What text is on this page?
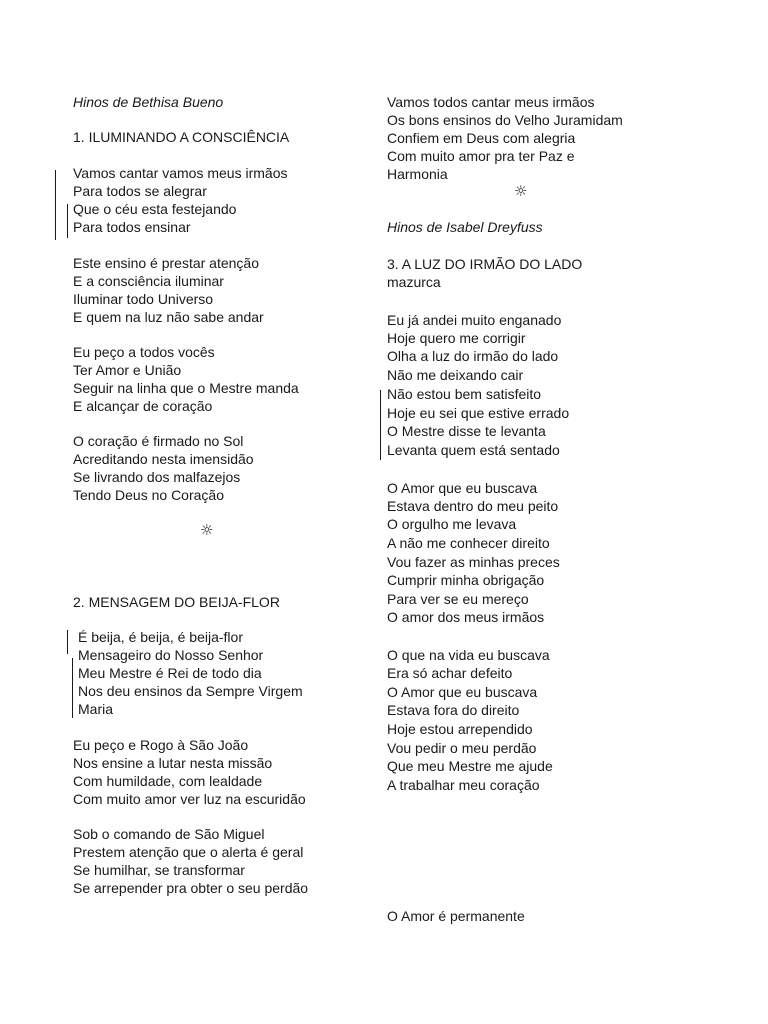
Hinos de Bethisa Bueno
1. ILUMINANDO A CONSCIÊNCIA
Vamos cantar vamos meus irmãos
Para todos se alegrar
Que o céu esta festejando
Para todos ensinar
Este ensino é prestar atenção
E a consciência iluminar
Iluminar todo Universo
E quem na luz não sabe andar
Eu peço a todos vocês
Ter Amor e União
Seguir na linha que o Mestre manda
E alcançar de coração
O coração é firmado no Sol
Acreditando nesta imensidão
Se livrando dos malfazejos
Tendo Deus no Coração
☼
2. MENSAGEM DO BEIJA-FLOR
É beija, é beija, é beija-flor
Mensageiro do Nosso Senhor
Meu Mestre é Rei de todo dia
Nos deu ensinos da Sempre Virgem
Maria
Eu peço e Rogo à São João
Nos ensine a lutar nesta missão
Com humildade, com lealdade
Com muito amor ver luz na escuridão
Sob o comando de São Miguel
Prestem atenção que o alerta é geral
Se humilhar, se transformar
Se arrepender pra obter o seu perdão
Vamos todos cantar meus irmãos
Os bons ensinos do Velho Juramidam
Confiem em Deus com alegria
Com muito amor pra ter Paz e
Harmonia
☼
Hinos de Isabel Dreyfuss
3. A LUZ DO IRMÃO DO LADO
mazurca
Eu já andei muito enganado
Hoje quero me corrigir
Olha a luz do irmão do lado
Não me deixando cair
Não estou bem satisfeito
Hoje eu sei que estive errado
O Mestre disse te levanta
Levanta quem está sentado
O Amor que eu buscava
Estava dentro do meu peito
O orgulho me levava
A não me conhecer direito
Vou fazer as minhas preces
Cumprir minha obrigação
Para ver se eu mereço
O amor dos meus irmãos
O que na vida eu buscava
Era só achar defeito
O Amor que eu buscava
Estava fora do direito
Hoje estou arrependido
Vou pedir o meu perdão
Que meu Mestre me ajude
A trabalhar meu coração
O Amor é permanente
